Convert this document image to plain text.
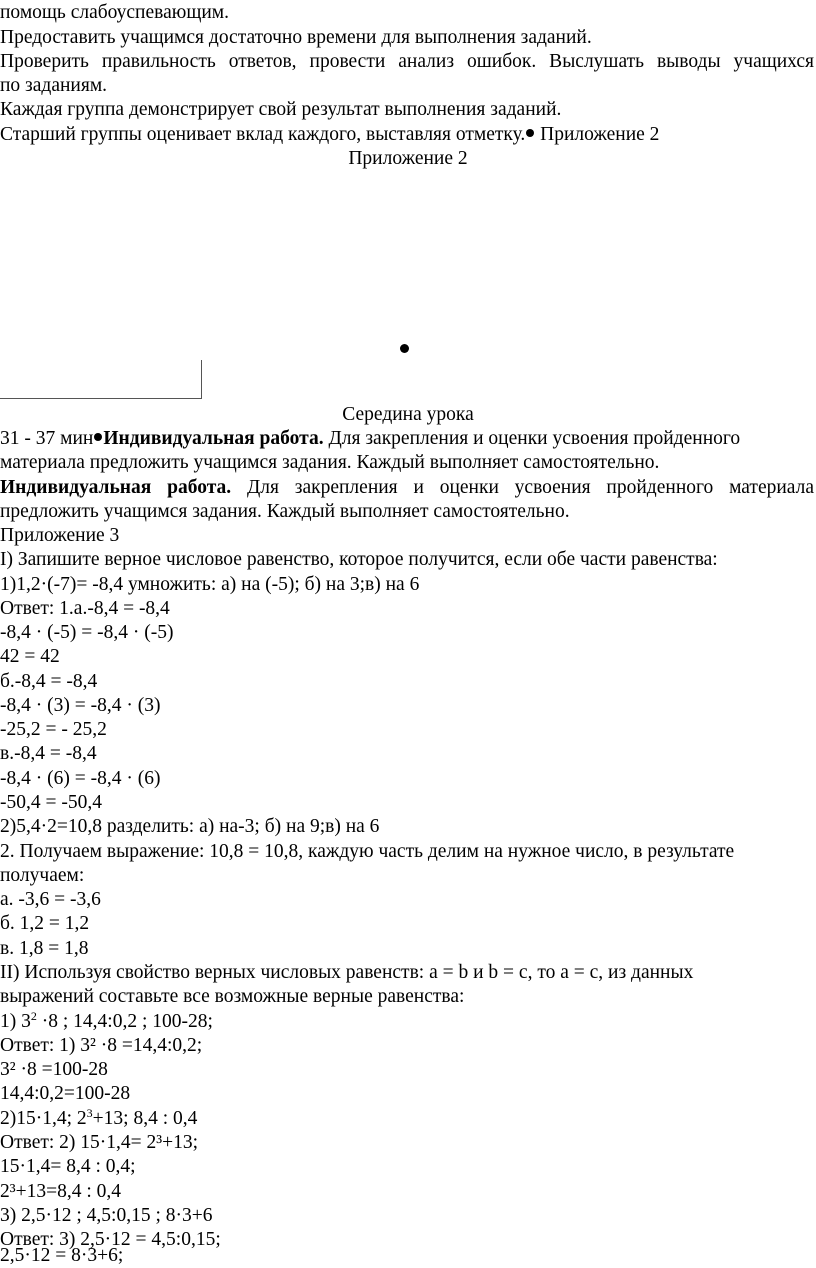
помощь слабоуспевающим.
Предоставить учащимся достаточно времени для выполнения заданий.
Проверить правильность ответов, провести анализ ошибок. Выслушать выводы учащихся
по заданиям.
Каждая группа демонстрирует свой результат выполнения заданий.
Старший группы оценивает вклад каждого, выставляя отметку. Приложение 2
Приложение 2
Середина урока
31 - 37 мин Индивидуальная работа. Для закрепления и оценки усвоения пройденного
материала предложить учащимся задания. Каждый выполняет самостоятельно.
Индивидуальная работа. Для закрепления и оценки усвоения пройденного материала
предложить учащимся задания. Каждый выполняет самостоятельно.
Приложение 3
I) Запишите верное числовое равенство, которое получится, если обе части равенства:
1)1,2·(-7)= -8,4 умножить: а) на (-5); б) на 3;в) на 6
Ответ: 1.а.-8,4 = -8,4
-8,4 · (-5) = -8,4 · (-5)
42 = 42
б.-8,4 = -8,4
-8,4 · (3) = -8,4 · (3)
-25,2 = - 25,2
в.-8,4 = -8,4
-8,4 · (6) = -8,4 · (6)
-50,4 = -50,4
2)5,4·2=10,8 разделить: а) на-3; б) на 9;в) на 6
2. Получаем выражение: 10,8 = 10,8, каждую часть делим на нужное число, в результате
получаем:
а. -3,6 = -3,6
б. 1,2 = 1,2
в. 1,8 = 1,8
II) Используя свойство верных числовых равенств: a = b и b = c, то a = c, из данных
выражений составьте все возможные верные равенства:
1) $3^2 \cdot 8$ ; 14,4:0,2 ; 100-28;
Ответ: 1) 3² ·8 =14,4:0,2;
3² ·8 =100-28
14,4:0,2=100-28
2)15·1,4; $2^3+13$; 8,4 : 0,4
Ответ: 2) 15·1,4= 2³+13;
15·1,4= 8,4 : 0,4;
2³+13=8,4 : 0,4
3) 2,5·12 ; 4,5:0,15 ; 8·3+6
Ответ: 3) 2,5·12 = 4,5:0,15;
2,5·12 = 8·3+6;
